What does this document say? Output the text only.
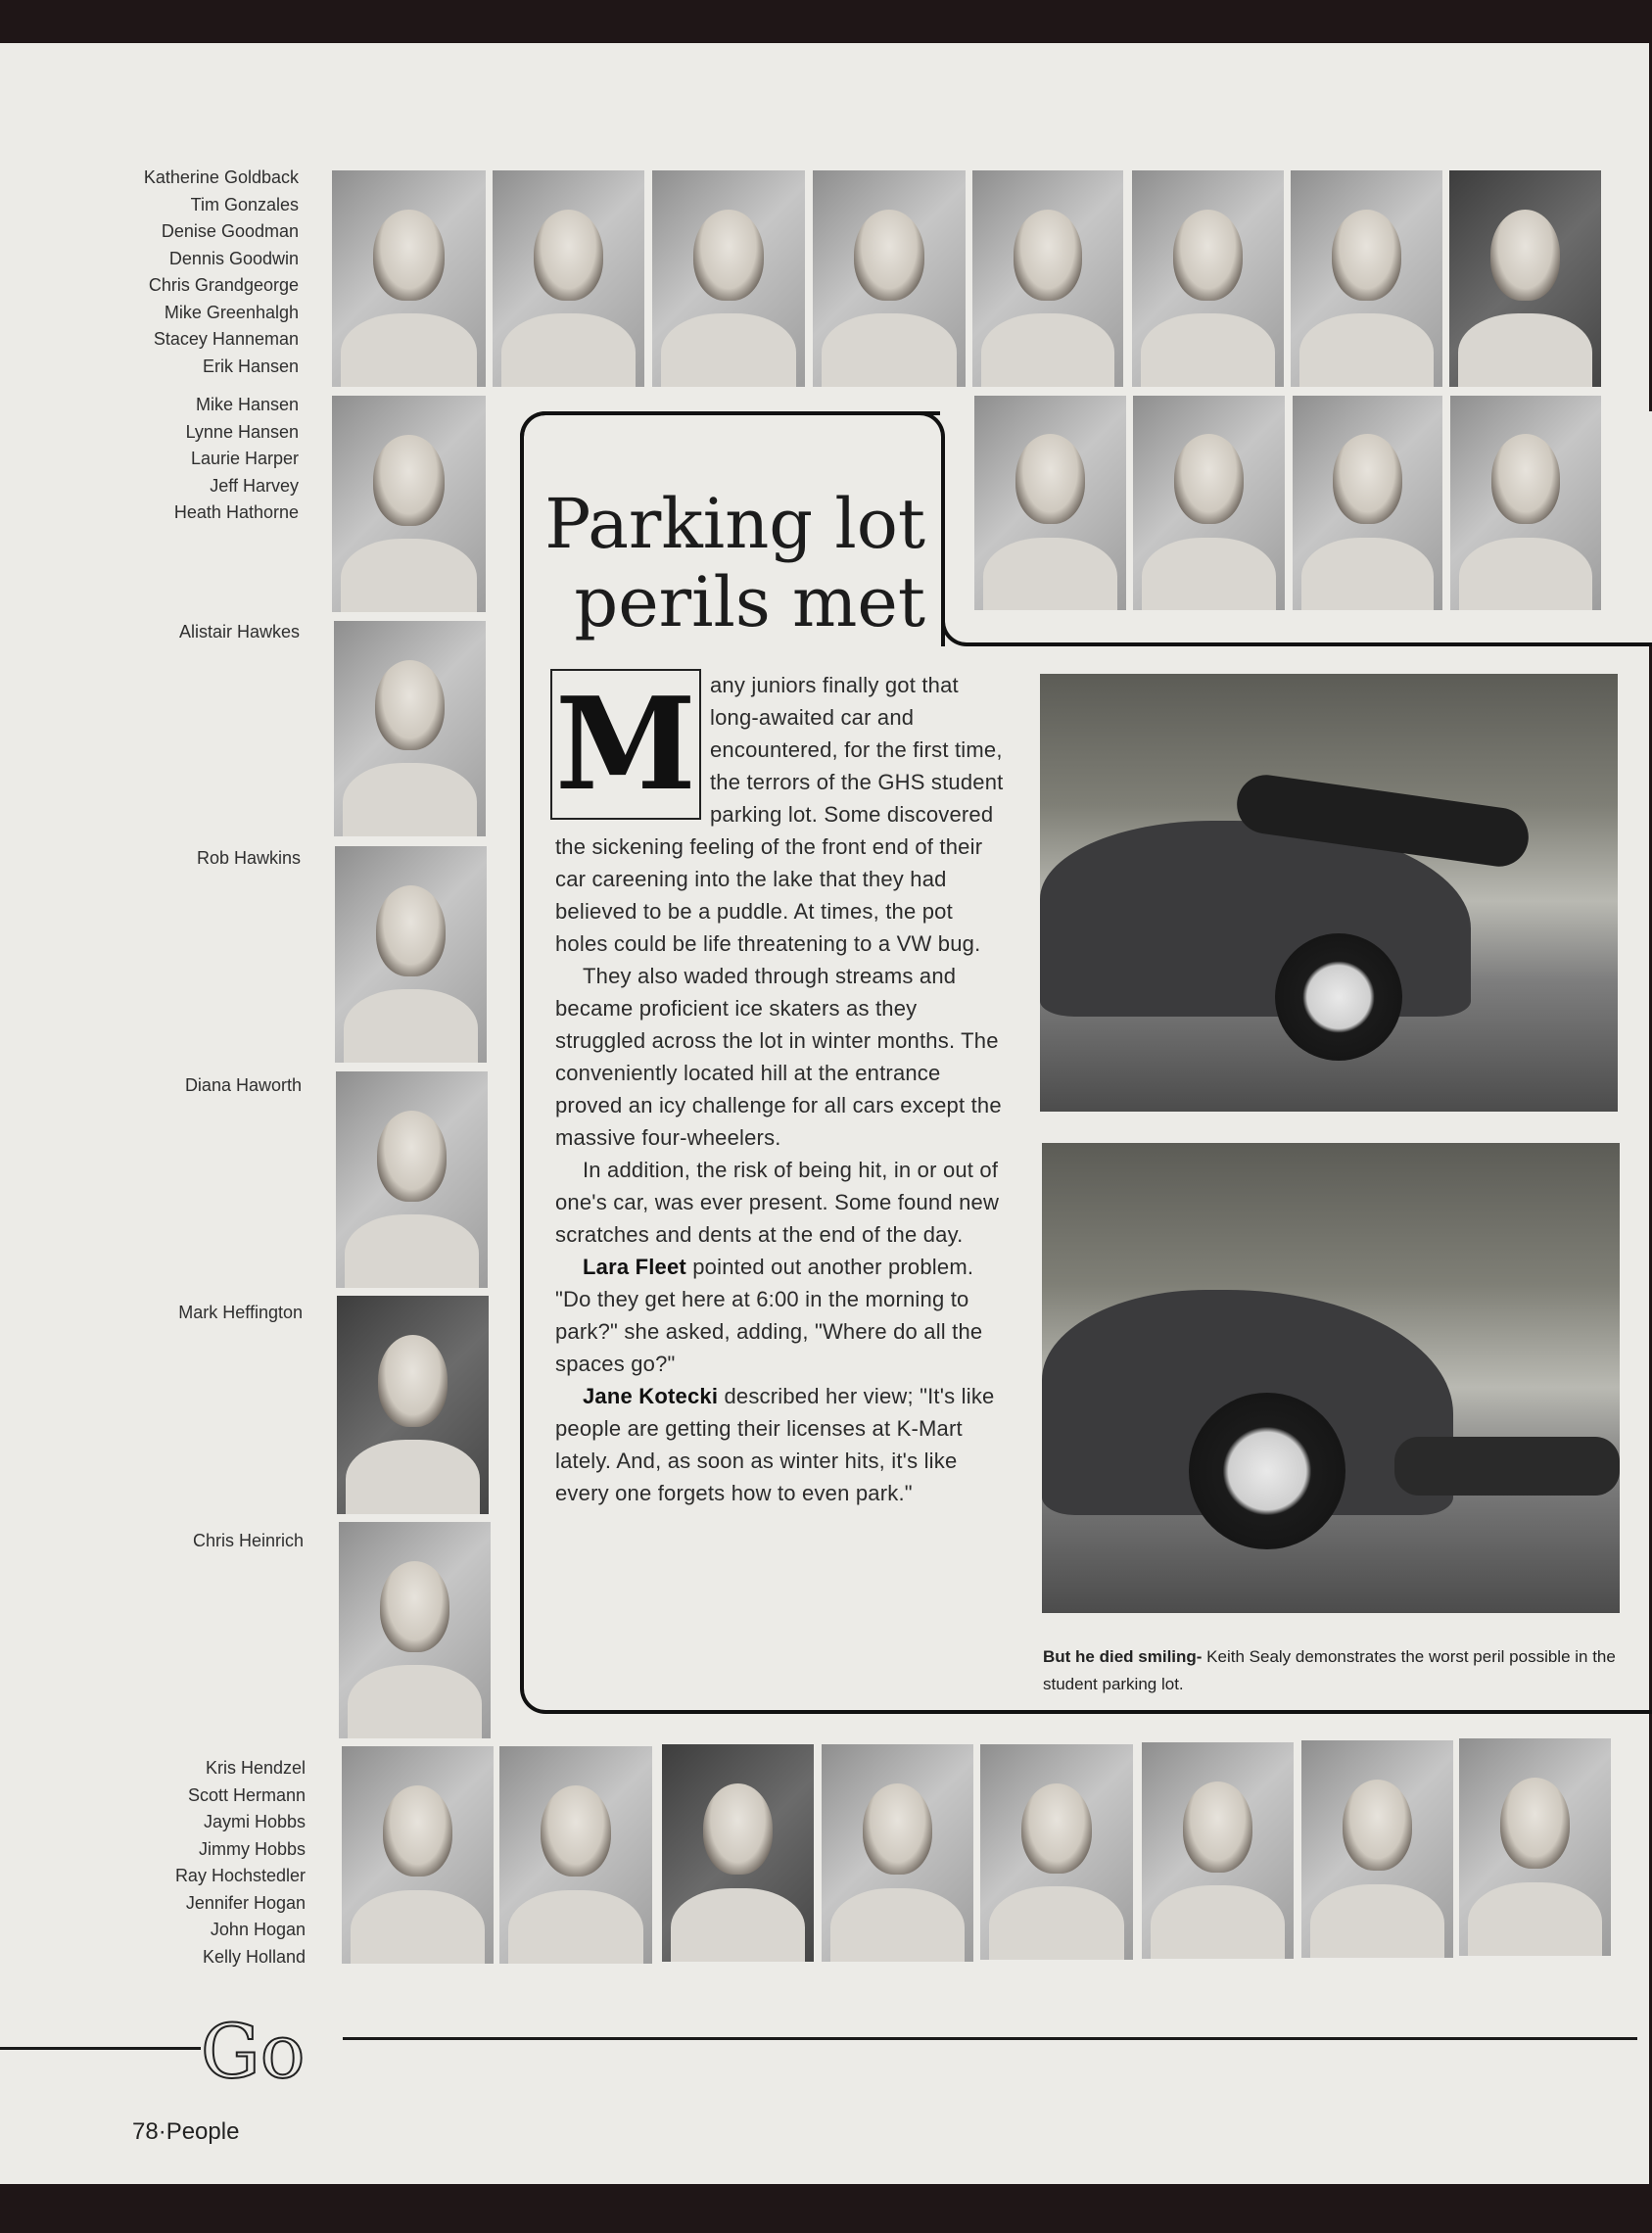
Katherine Goldback
Tim Gonzales
Denise Goodman
Dennis Goodwin
Chris Grandgeorge
Mike Greenhalgh
Stacey Hanneman
Erik Hansen
Mike Hansen
Lynne Hansen
Laurie Harper
Jeff Harvey
Heath Hathorne
Alistair Hawkes
Rob Hawkins
Diana Haworth
Mark Heffington
Chris Heinrich
Kris Hendzel
Scott Hermann
Jaymi Hobbs
Jimmy Hobbs
Ray Hochstedler
Jennifer Hogan
John Hogan
Kelly Holland
Parking lot
perils met
M any juniors finally got that long-awaited car and encountered, for the first time, the terrors of the GHS student parking lot. Some discovered the sickening feeling of the front end of their car careening into the lake that they had believed to be a puddle. At times, the pot holes could be life threatening to a VW bug.

They also waded through streams and became proficient ice skaters as they struggled across the lot in winter months. The conveniently located hill at the entrance proved an icy challenge for all cars except the massive four-wheelers.

In addition, the risk of being hit, in or out of one's car, was ever present. Some found new scratches and dents at the end of the day.

Lara Fleet pointed out another problem. "Do they get here at 6:00 in the morning to park?" she asked, adding, "Where do all the spaces go?"

Jane Kotecki described her view; "It's like people are getting their licenses at K-Mart lately. And, as soon as winter hits, it's like every one forgets how to even park."

But he died smiling- Keith Sealy demonstrates the worst peril possible in the student parking lot.
Go
78·People
